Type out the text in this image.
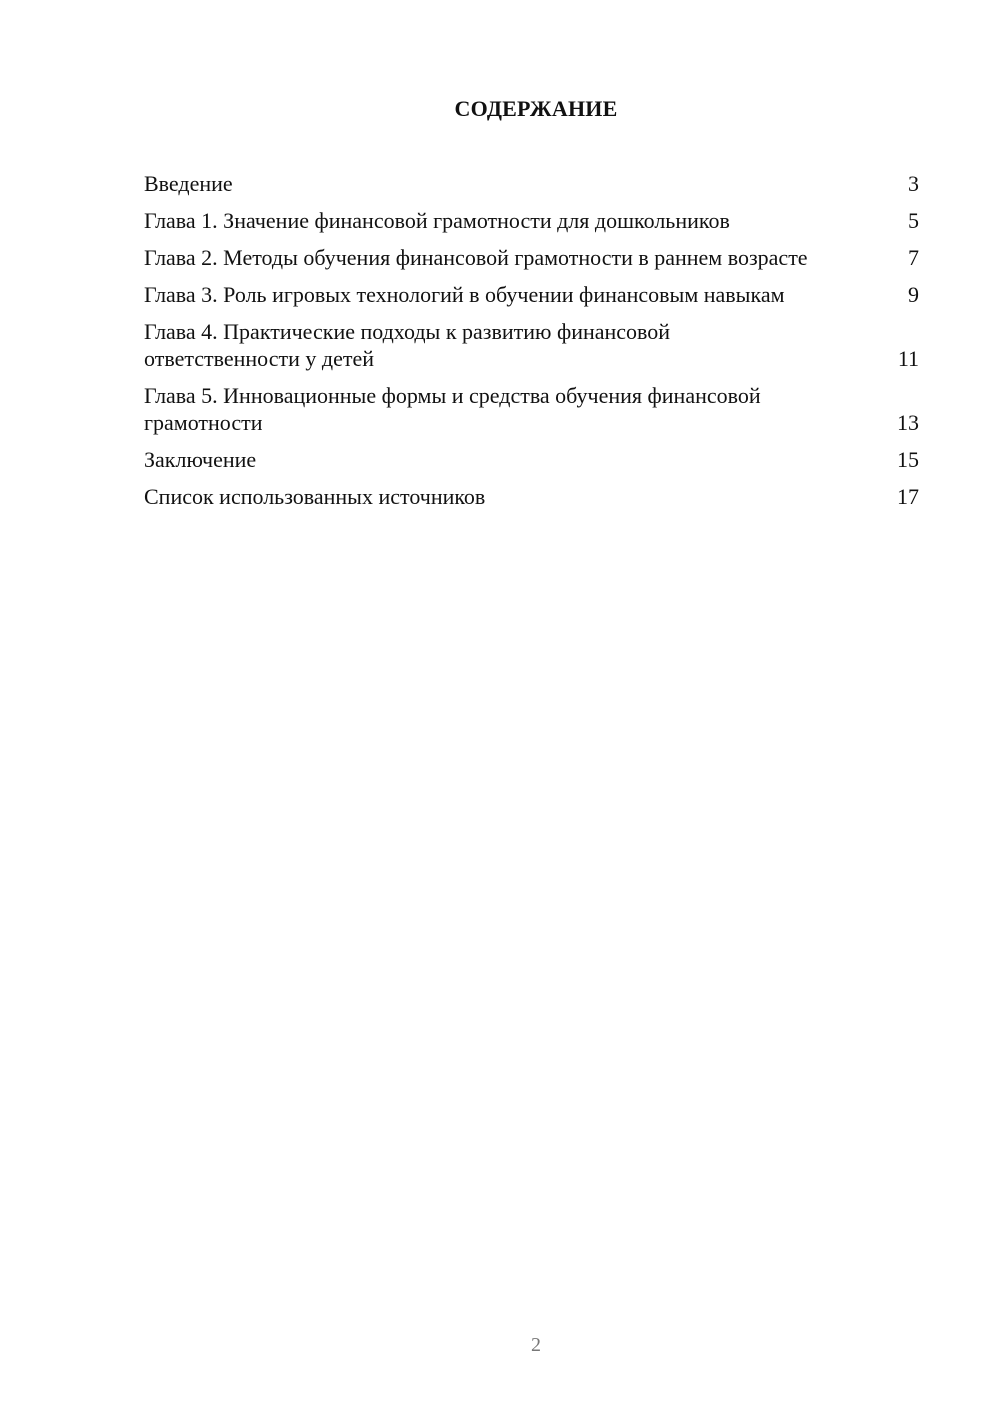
СОДЕРЖАНИЕ
Введение	3
Глава 1. Значение финансовой грамотности для дошкольников	5
Глава 2. Методы обучения финансовой грамотности в раннем возрасте	7
Глава 3. Роль игровых технологий в обучении финансовым навыкам	9
Глава 4. Практические подходы к развитию финансовой ответственности у детей	11
Глава 5. Инновационные формы и средства обучения финансовой грамотности	13
Заключение	15
Список использованных источников	17
2
